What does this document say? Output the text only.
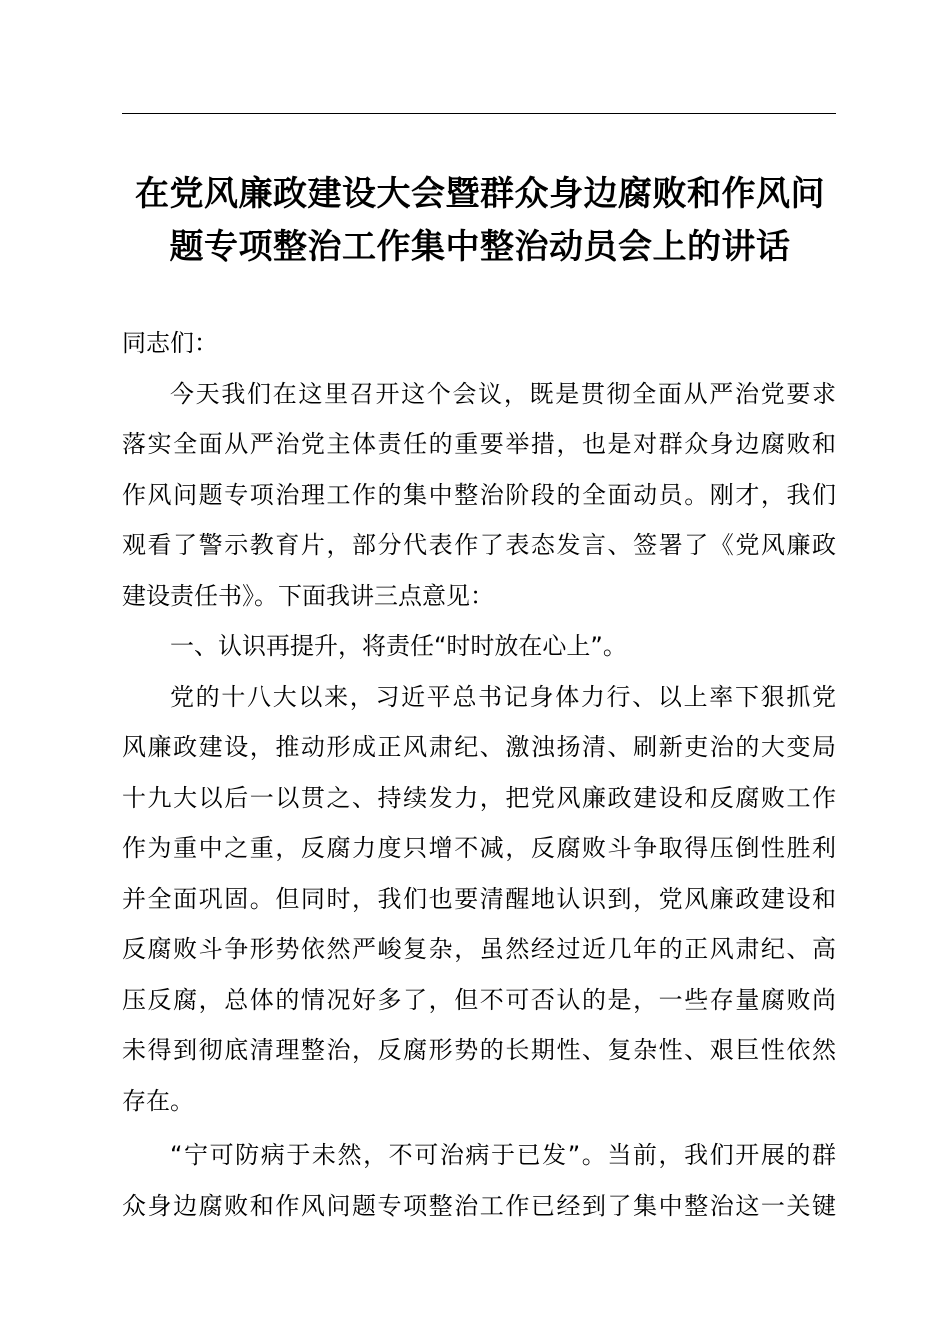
在党风廉政建设大会暨群众身边腐败和作风问
题专项整治工作集中整治动员会上的讲话
同志们：
今天我们在这里召开这个会议，既是贯彻全面从严治党要求
落实全面从严治党主体责任的重要举措，也是对群众身边腐败和
作风问题专项治理工作的集中整治阶段的全面动员。刚才，我们
观看了警示教育片，部分代表作了表态发言、签署了《党风廉政
建设责任书》。下面我讲三点意见：
一、认识再提升，将责任“时时放在心上”。
党的十八大以来，习近平总书记身体力行、以上率下狠抓党
风廉政建设，推动形成正风肃纪、激浊扬清、刷新吏治的大变局
十九大以后一以贯之、持续发力，把党风廉政建设和反腐败工作
作为重中之重，反腐力度只增不减，反腐败斗争取得压倒性胜利
并全面巩固。但同时，我们也要清醒地认识到，党风廉政建设和
反腐败斗争形势依然严峻复杂，虽然经过近几年的正风肃纪、高
压反腐，总体的情况好多了，但不可否认的是，一些存量腐败尚
未得到彻底清理整治，反腐形势的长期性、复杂性、艰巨性依然
存在。
“宁可防病于未然，不可治病于已发”。当前，我们开展的群
众身边腐败和作风问题专项整治工作已经到了集中整治这一关键
